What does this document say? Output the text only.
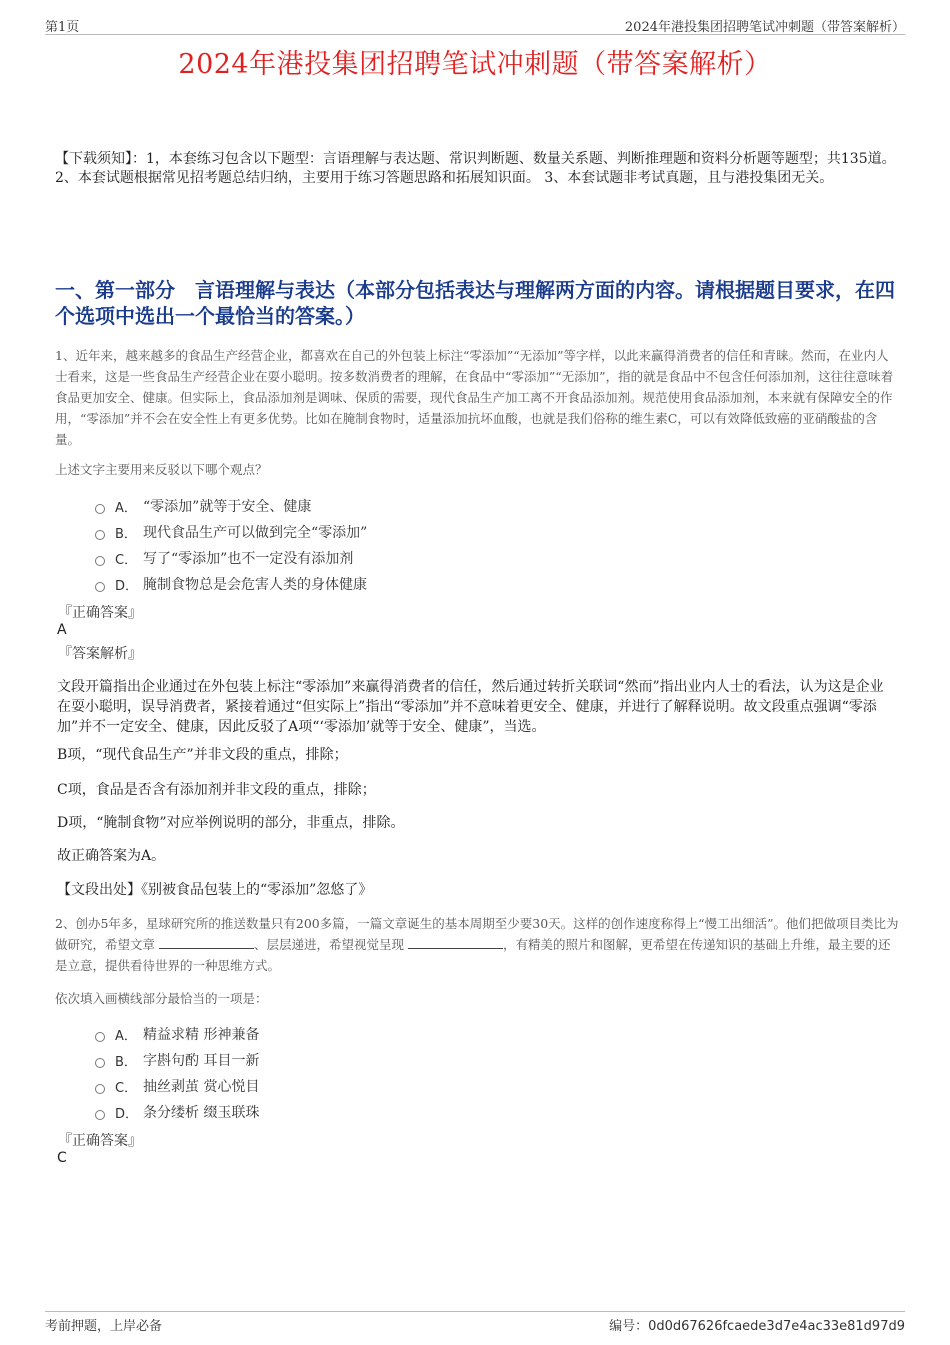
第1页	2024年港投集团招聘笔试冲刺题（带答案解析）
2024年港投集团招聘笔试冲刺题（带答案解析）

【下载须知】：1，本套练习包含以下题型：言语理解与表达题、常识判断题、数量关系题、判断推理题和资料分析题等题型；共135道。 2、本套试题根据常见招考题总结归纳，主要用于练习答题思路和拓展知识面。 3、本套试题非考试真题，且与港投集团无关。

一、第一部分　言语理解与表达（本部分包括表达与理解两方面的内容。请根据题目要求，在四个选项中选出一个最恰当的答案。）

1、近年来，越来越多的食品生产经营企业，都喜欢在自己的外包装上标注“零添加”“无添加”等字样，以此来赢得消费者的信任和青睐。然而，在业内人士看来，这是一些食品生产经营企业在耍小聪明。按多数消费者的理解，在食品中“零添加”“无添加”，指的就是食品中不包含任何添加剂，这往往意味着食品更加安全、健康。但实际上，食品添加剂是调味、保质的需要，现代食品生产加工离不开食品添加剂。规范使用食品添加剂，本来就有保障安全的作用，“零添加”并不会在安全性上有更多优势。比如在腌制食物时，适量添加抗坏血酸，也就是我们俗称的维生素C，可以有效降低致癌的亚硝酸盐的含量。

上述文字主要用来反驳以下哪个观点？

A． “零添加”就等于安全、健康
B． 现代食品生产可以做到完全“零添加”
C． 写了“零添加”也不一定没有添加剂
D． 腌制食物总是会危害人类的身体健康

『正确答案』

A

『答案解析』

文段开篇指出企业通过在外包装上标注“零添加”来赢得消费者的信任，然后通过转折关联词“然而”指出业内人士的看法，认为这是企业在耍小聪明，误导消费者，紧接着通过“但实际上”指出“零添加”并不意味着更安全、健康，并进行了解释说明。故文段重点强调“零添加”并不一定安全、健康，因此反驳了A项“‘零添加’就等于安全、健康”，当选。

B项，“现代食品生产”并非文段的重点，排除；

C项，食品是否含有添加剂并非文段的重点，排除；

D项，“腌制食物”对应举例说明的部分，非重点，排除。

故正确答案为A。

【文段出处】《别被食品包装上的“零添加”忽悠了》

2、创办5年多，星球研究所的推送数量只有200多篇，一篇文章诞生的基本周期至少要30天。这样的创作速度称得上“慢工出细活”。他们把做项目类比为做研究，希望文章	、层层递进，希望视觉呈现	，有精美的照片和图解，更希望在传递知识的基础上升维，最主要的还是立意，提供看待世界的一种思维方式。

依次填入画横线部分最恰当的一项是：

A． 精益求精 形神兼备
B． 字斟句酌 耳目一新
C． 抽丝剥茧 赏心悦目
D． 条分缕析 缀玉联珠

『正确答案』

C

考前押题，上岸必备	编号：0d0d67626fcaede3d7e4ac33e81d97d9
